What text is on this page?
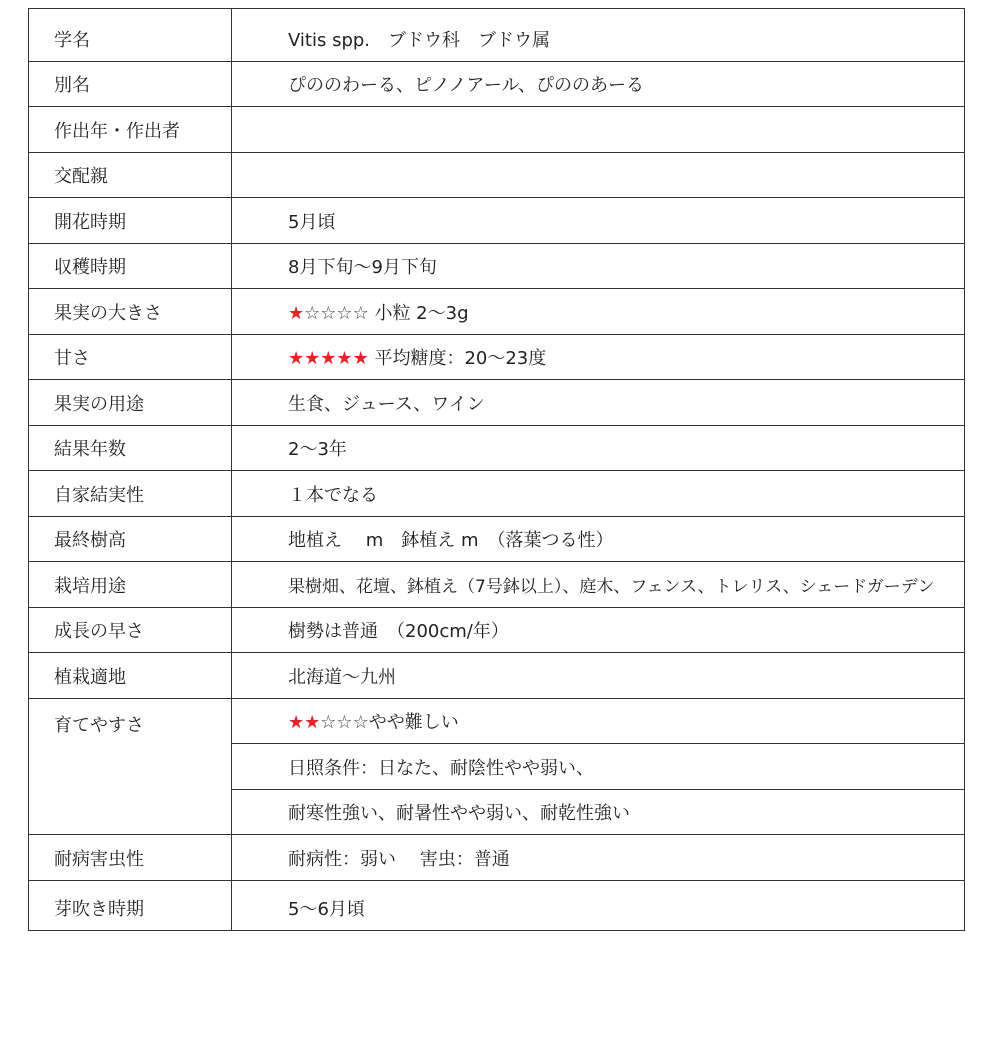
学名	Vitis spp.　ブドウ科　ブドウ属
別名	ぴののわーる、ピノノアール、ぴののあーる
作出年・作出者	
交配親	
開花時期	5月頃
収穫時期	8月下旬〜9月下旬
果実の大きさ	★☆☆☆☆ 小粒 2〜3g
甘さ	★★★★★ 平均糖度：20〜23度
果実の用途	生食、ジュース、ワイン
結果年数	2〜3年
自家結実性	１本でなる
最終樹高	地植え　 m　鉢植え m　（落葉つる性）
栽培用途	果樹畑、花壇、鉢植え（7号鉢以上）、庭木、フェンス、トレリス、シェードガーデン
成長の早さ	樹勢は普通　（200cm/年）
植栽適地	北海道〜九州
育てやすさ	★★☆☆☆やや難しい
	日照条件：日なた、耐陰性やや弱い、
	耐寒性強い、耐暑性やや弱い、耐乾性強い
耐病害虫性	耐病性：弱い　 害虫：普通
芽吹き時期	5〜6月頃
